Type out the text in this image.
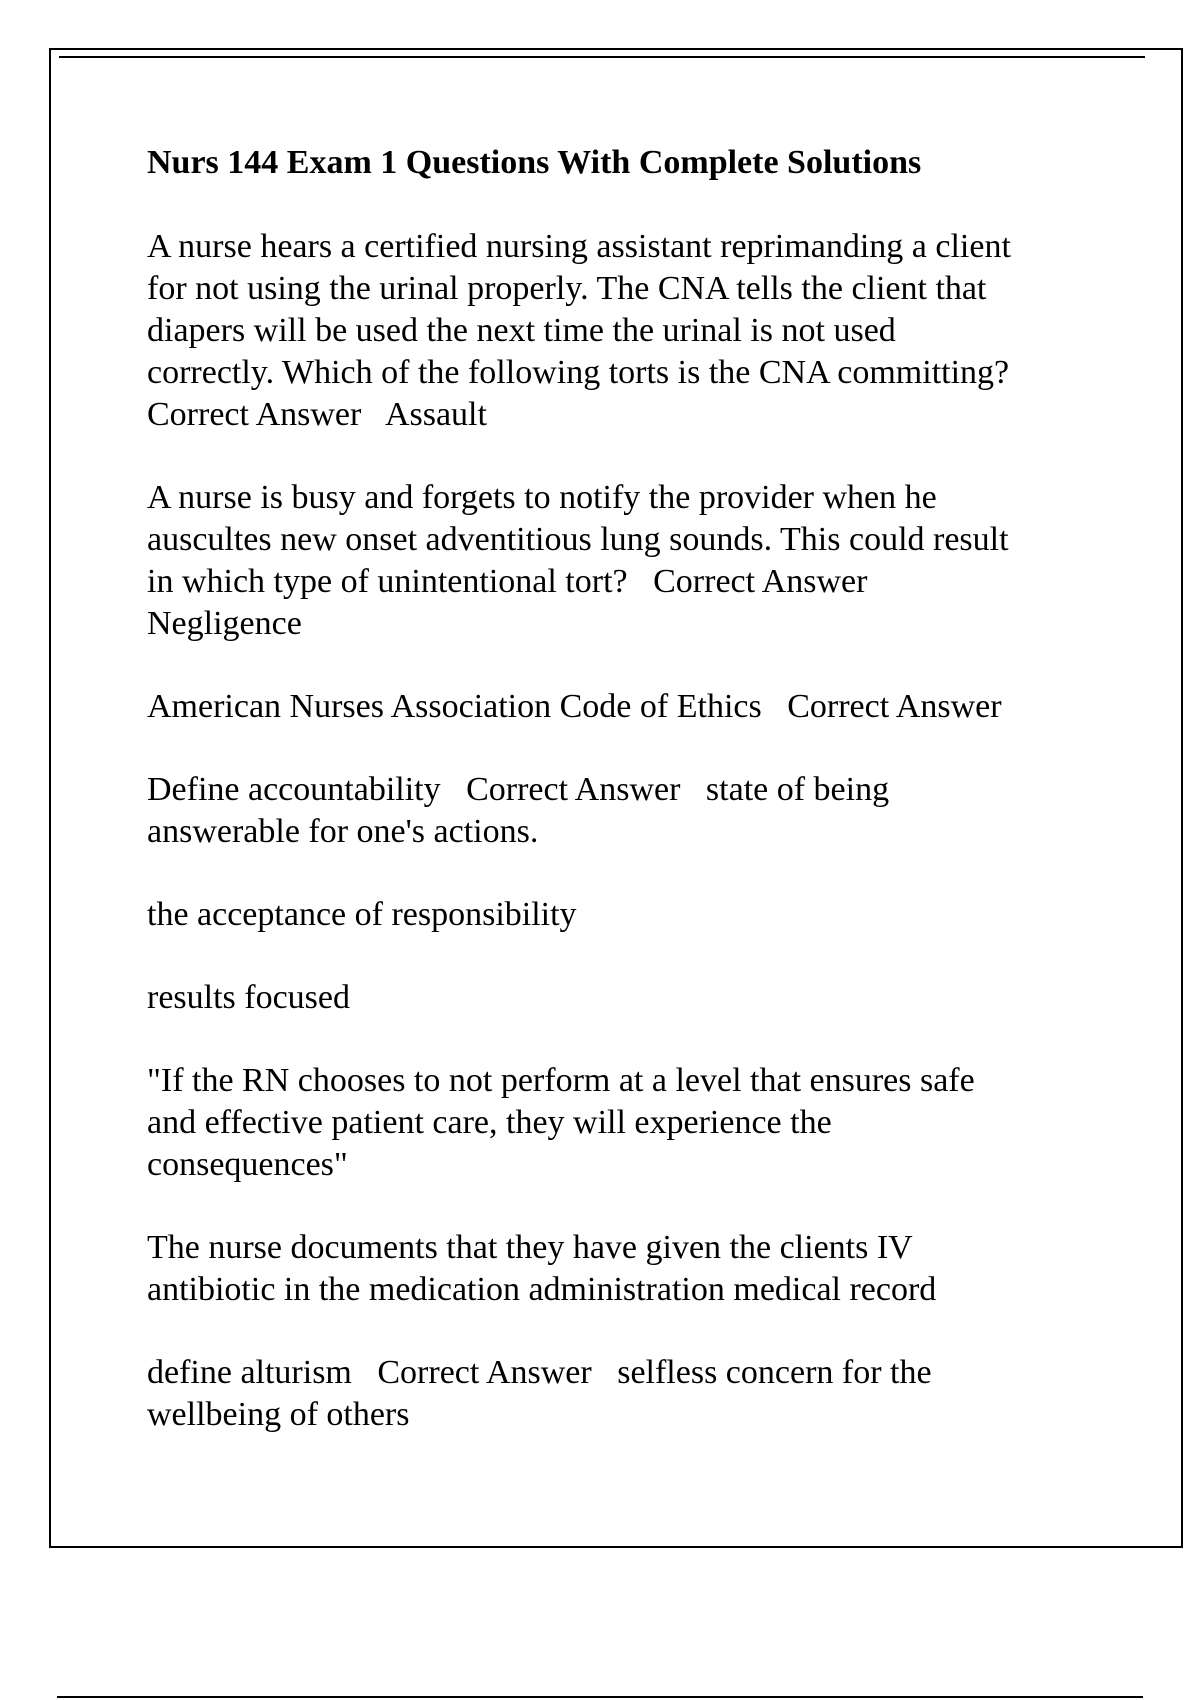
Nurs 144 Exam 1 Questions With Complete Solutions

A nurse hears a certified nursing assistant reprimanding a client
for not using the urinal properly. The CNA tells the client that
diapers will be used the next time the urinal is not used
correctly. Which of the following torts is the CNA committing?
Correct Answer   Assault

A nurse is busy and forgets to notify the provider when he
auscultes new onset adventitious lung sounds. This could result
in which type of unintentional tort?   Correct Answer
Negligence

American Nurses Association Code of Ethics   Correct Answer

Define accountability   Correct Answer   state of being
answerable for one's actions.

the acceptance of responsibility

results focused

"If the RN chooses to not perform at a level that ensures safe
and effective patient care, they will experience the
consequences"

The nurse documents that they have given the clients IV
antibiotic in the medication administration medical record

define alturism   Correct Answer   selfless concern for the
wellbeing of others
